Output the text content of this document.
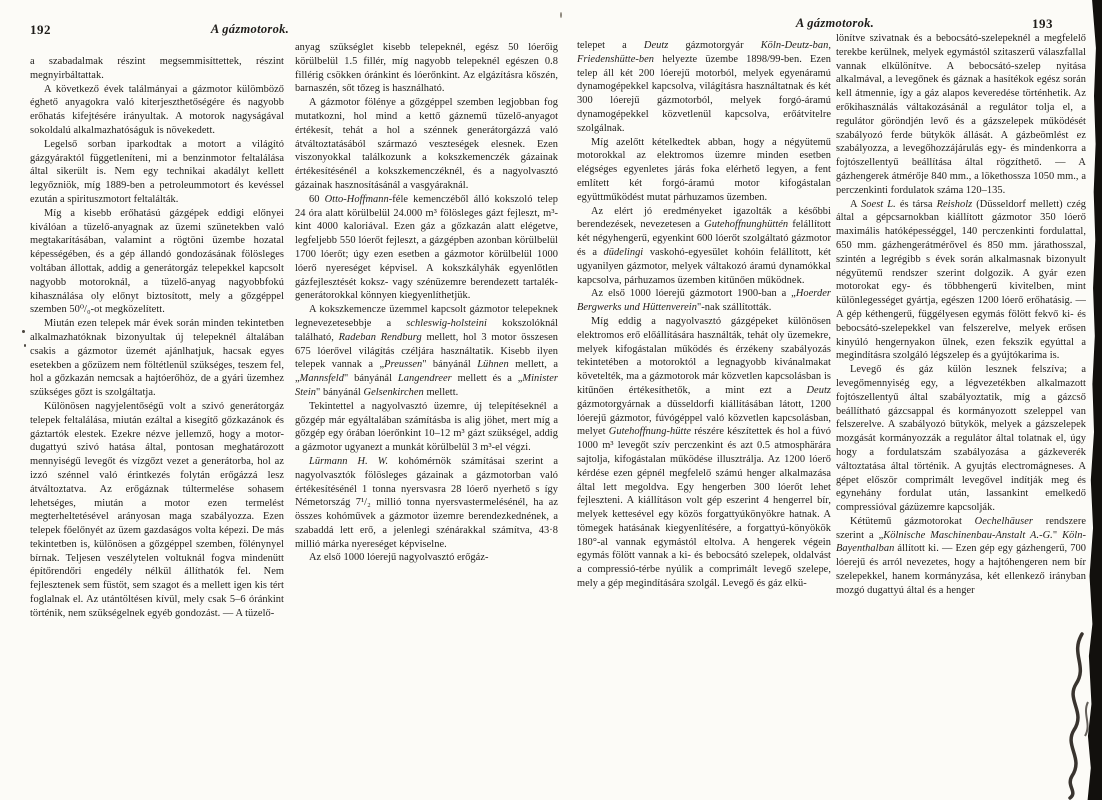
192	A gázmotorok.	A gázmotorok.	193

a szabadalmak részint megsemmisíttettek, részint megnyirbáltattak.

A következő évek találmányai a gázmotor külömböző éghető anyagokra való kiterjeszthetőségére és nagyobb erőhatás kifejtésére irányultak. A motorok nagyságával sokoldalú alkalmazhatóságuk is növekedett.

Legelső sorban iparkodtak a motort a világító gázgyáraktól függetleníteni, mi a benzinmotor feltalálása által sikerült is. Nem egy technikai akadályt kellett legyőzniök, míg 1889-ben a petroleummotort és kevéssel ezután a spirituszmotort feltalálták.

Míg a kisebb erőhatású gázgépek eddigi előnyei kiválóan a tüzelő-anyagnak az üzemi szünetekben való megtakarításában, valamint a rögtöni üzembe hozatal képességében, és a gép állandó gondozásának fölösleges voltában állottak, addig a generátorgáz telepekkel kapcsolt nagyobb motoroknál, a tüzelő-anyag nagyobbfokú kihasználása oly előnyt biztosított, mely a gőzgéppel szemben 50⁰/₀-ot megközelített.

Miután ezen telepek már évek során minden tekintetben alkalmazhatóknak bizonyultak új telepeknél általában csakis a gázmotor üzemét ajánlhatjuk, hacsak egyes esetekben a gőzüzem nem föltétlenül szükséges, teszem fel, hol a gőzkazán nemcsak a hajtóerőhöz, de a gyári üzemhez szükséges gőzt is szolgáltatja.

Különösen nagyjelentőségű volt a szivó generátorgáz telepek feltalálása, miután ezáltal a kisegítő gőzkazánok és gáztartók elestek. Ezekre nézve jellemző, hogy a motor-dugattyú szivó hatása által, pontosan meghatározott mennyiségű levegőt és vízgőzt vezet a generátorba, hol az izzó szénnel való érintkezés folytán erőgázzá lesz átváltoztatva. Az erőgáznak túltermelése sohasem lehetséges, miután a motor ezen termelést megterheltetésével arányosan maga szabályozza. Ezen telepek főelőnyét az üzem gazdaságos volta képezi. De más tekintetben is, különösen a gőzgéppel szemben, fölénynyel bírnak. Teljesen veszélytelen voltuknál fogva mindenütt építőrendőri engedély nélkül állíthatók fel. Nem fejlesztenek sem füstöt, sem szagot és a mellett igen kis tért foglalnak el. Az utántöltésen kívül, mely csak 5–6 óránkint történik, nem szükségelnek egyéb gondozást. — A tüzelő-

anyag szükséglet kisebb telepeknél, egész 50 lóerőig körülbelül 1.5 fillér, míg nagyobb telepeknél egészen 0.8 fillérig csökken óránkint és lóerőnkint. Az elgázításra kőszén, barnaszén, sőt tőzeg is használható.

A gázmotor fölénye a gőzgéppel szemben legjobban fog mutatkozni, hol mind a kettő gáznemű tüzelő-anyagot értékesít, tehát a hol a szénnek generátorgázzá való átváltoztatásából származó veszteségek elesnek. Ezen viszonyokkal találkozunk a kokszkemenczék gázainak értékesítésénél a kokszkemenczéknél, és a nagyolvasztó gázainak hasznosításánál a vasgyáraknál.

60 Otto-Hoffmann-féle kemenczéből álló kokszoló telep 24 óra alatt körülbelül 24.000 m³ fölösleges gázt fejleszt, m³-kint 4000 kaloriával. Ezen gáz a gőzkazán alatt elégetve, legfeljebb 550 lóerőt fejleszt, a gázgépben azonban körülbelül 1700 lóerőt; úgy ezen esetben a gázmotor körülbelül 1000 lóerő nyereséget képvisel. A kokszkályhák egyenlőtlen gázfejlesztését koksz- vagy szénüzemre berendezett tartalék-generátorokkal könnyen kiegyenlíthetjük.

A kokszkemencze üzemmel kapcsolt gázmotor telepeknek legnevezetesebbje a schleswig-holsteini kokszolóknál található, Radeban Rendburg mellett, hol 3 motor összesen 675 lóerővel világítás czéljára használtatik. Kisebb ilyen telepek vannak a „Preussen" bányánál Lühnen mellett, a „Mannsfeld" bányánál Langendreer mellett és a „Minister Stein" bányánál Gelsenkirchen mellett.

Tekintettel a nagyolvasztó üzemre, új telepítéseknél a gőzgép már egyáltalában számításba is alig jöhet, mert míg a gőzgép egy órában lóerőnkint 10–12 m³ gázt szükségel, addig a gázmotor ugyanezt a munkát körülbelül 3 m³-el végzi.

Lürmann H. W. kohómérnök számításai szerint a nagyolvasztók fölösleges gázainak a gázmotorban való értékesítésénél 1 tonna nyersvasra 28 lóerő nyerhető s így Németország 7¹/₂ millió tonna nyersvastermelésénél, ha az összes kohóművek a gázmotor üzemre berendezkednének, a szabaddá lett erő, a jelenlegi szénárakkal számítva, 43·8 millió márka nyereséget képviselne.

Az első 1000 lóerejű nagyolvasztó erőgáz-

telepet a Deutz gázmotorgyár Köln-Deutz-ban, Friedenshütte-ben helyezte üzembe 1898/99-ben. Ezen telep áll két 200 lóerejű motorból, melyek egyenáramú dynamogépekkel kapcsolva, világításra használtatnak és két 300 lóerejű gázmotorból, melyek forgó-áramú dynamogépekkel közvetlenül kapcsolva, erőátvitelre szolgálnak.

Míg azelőtt kételkedtek abban, hogy a négyütemű motorokkal az elektromos üzemre minden esetben elégséges egyenletes járás foka elérhető legyen, a fent említett két forgó-áramú motor kifogástalan együttműködést mutat párhuzamos üzemben.

Az elért jó eredményeket igazolták a későbbi berendezések, nevezetesen a Gutehoffnunghüttén felállított két négyhengerű, egyenkint 600 lóerőt szolgáltató gázmotor és a düdelingi vaskohó-egyesület kohóin felállított, két ugyanilyen gázmotor, melyek váltakozó áramú dynamókkal kapcsolva, párhuzamos üzemben kitűnően működnek.

Az első 1000 lóerejű gázmotort 1900-ban a „Hoerder Bergwerks und Hüttenverein"-nak szállították.

Míg eddig a nagyolvasztó gázgépeket különösen elektromos erő előállítására használták, tehát oly üzemekre, melyek kifogástalan működés és érzékeny szabályozás tekintetében a motoroktól a legnagyobb kivánalmakat követelték, ma a gázmotorok már közvetlen kapcsolásban is kitűnően értékesíthetők, a mint ezt a Deutz gázmotorgyárnak a düsseldorfi kiállításában látott, 1200 lóerejű gázmotor, fúvógéppel való közvetlen kapcsolásban, melyet Gutehoffnung-hütte részére készítettek és hol a fúvó 1000 m³ levegőt szív perczenkint és azt 0.5 atmosphärára sajtolja, kifogástalan működése illusztrálja. Az 1200 lóerő kérdése ezen gépnél megfelelő számú henger alkalmazása által lett megoldva. Egy hengerben 300 lóerőt lehet fejleszteni. A kiállításon volt gép eszerint 4 hengerrel bír, melyek kettesével egy közös forgattyúkönyökre hatnak. A tömegek hatásának kiegyenlítésére, a forgattyú-könyökök 180°-al vannak egymástól eltolva. A hengerek végein egymás fölött vannak a ki- és bebocsátó szelepek, oldalvást a compressió-térbe nyúlik a comprimált levegő szelepe, mely a gép megindítására szolgál. Levegő és gáz elkü-

lönítve szivatnak és a bebocsátó-szelepeknél a megfelelő terekbe kerülnek, melyek egymástól szitaszerű válaszfallal vannak elkülönítve. A bebocsátó-szelep nyitása alkalmával, a levegőnek és gáznak a hasítékok egész során kell átmennie, így a gáz alapos keveredése történhetik. Az erőkihasználás váltakozásánál a regulátor tolja el, a regulátor göröndjén levő és a gázszelepek működését szabályozó ferde bütykök állását. A gázbeömlést ez szabályozza, a levegőhozzájárulás egy- és mindenkorra a fojtószellentyű beállítása által rögzíthető. — A gázhengerek átmérője 840 mm., a lökethossza 1050 mm., a perczenkinti fordulatok száma 120–135.

A Soest L. és társa Reisholz (Düsseldorf mellett) czég által a gépcsarnokban kiállított gázmotor 350 lóerő maximális hatóképességgel, 140 perczenkinti fordulattal, 650 mm. gázhengerátmérővel és 850 mm. járathosszal, szintén a legrégibb s évek során alkalmasnak bizonyult négyütemű rendszer szerint dolgozik. A gyár ezen motorokat egy- és többhengerű kivitelben, mint különlegességet gyártja, egészen 1200 lóerő erőhatásig. — A gép kéthengerű, függélyesen egymás fölött fekvő ki- és bebocsátó-szelepekkel van felszerelve, melyek erősen kinyúló hengernyakon ülnek, ezen fekszik egyúttal a megindításra szolgáló légszelep és a gyújtókarima is.

Levegő és gáz külön lesznek felszíva; a levegőmennyiség egy, a légvezetékben alkalmazott fojtószellentyű által szabályoztatik, míg a gázcső beállítható gázcsappal és kormányozott szeleppel van felszerelve. A szabályozó bütykök, melyek a gázszelepek mozgását kormányozzák a regulátor által tolatnak el, úgy hogy a fordulatszám szabályozása a gázkeverék változtatása által történik. A gyujtás electromágneses. A gépet először comprimált levegővel indítják meg és egynehány fordulat után, lassankint emelkedő compressióval gázüzemre kapcsolják.

Kétütemű gázmotorokat Oechelhäuser rendszere szerint a „Kölnische Maschinenbau-Anstalt A.-G." Köln-Bayenthalban állított ki. — Ezen gép egy gázhengerű, 700 lóerejű és arról nevezetes, hogy a hajtóhengeren nem bír szelepekkel, hanem kormányzása, két ellenkező irányban mozgó dugattyú által és a henger
